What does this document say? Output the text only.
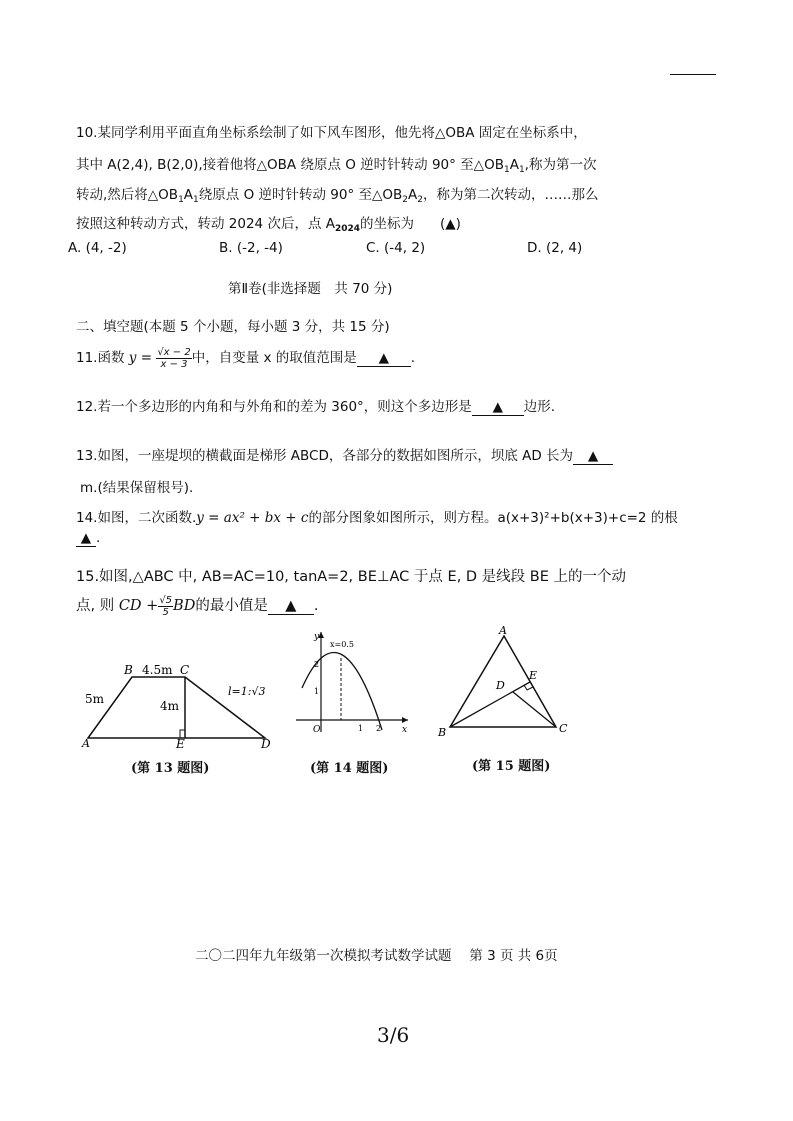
10.某同学利用平面直角坐标系绘制了如下风车图形，他先将△OBA 固定在坐标系中，
其中 A(2,4), B(2,0),接着他将△OBA 绕原点 O 逆时针转动 90° 至$\triangle OB_1A_1$,称为第一次
转动,然后将$\triangle OB_1A_1$绕原点 O 逆时针转动 90° 至$\triangle OB_2A_2$，称为第二次转动，……那么
按照这种转动方式，转动 2024 次后，点 $A_{2024}$的坐标为 (▲)
A. (4, -2)	B. (-2, -4)	C. (-4, 2)	D. (2, 4)
第Ⅱ卷(非选择题　共 70 分)
二、填空题(本题 5 个小题，每小题 3 分，共 15 分)
11.函数 $y = \frac{√x - 2}{x - 3}$ 中，自变量 x 的取值范围是 ▲ .
12.若一个多边形的内角和与外角和的差为 360°，则这个多边形是 ▲ 边形.
13.如图，一座堤坝的横截面是梯形 ABCD，各部分的数据如图所示，坝底 AD 长为 ▲
m.(结果保留根号).
14.如图，二次函数.y = ax² + bx + c的部分图象如图所示，则方程。a(x+3)²+b(x+3)+c=2 的根
▲ .
15.如图,△ABC 中, AB=AC=10, tanA=2, BE⊥AC 于点 E, D 是线段 BE 上的一个动
点, 则 CD + $\frac{√5}{5}$ BD的最小值是 ▲ .
B	C
4.5m
5m	4m
l=1:√3
A	E	D
(第 13 题图)
y
x
O	1 2
1
2
x=0.5
(第 14 题图)
A
E
D
B	C
(第 15 题图)
二〇二四年九年级第一次模拟考试数学试题　 第 3 页 共 6页
3/6
